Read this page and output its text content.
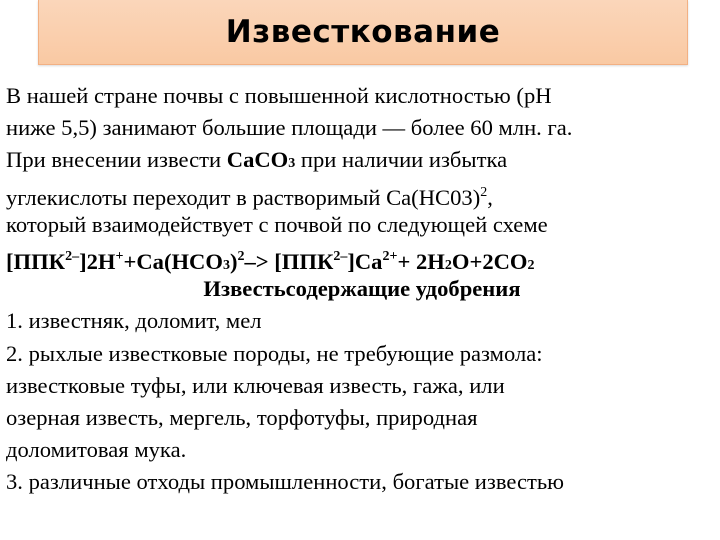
Известкование
В нашей стране почвы с повышенной кислотностью (рН
ниже 5,5) занимают большие площади — более 60 млн. га.
При внесении извести СаСО3 при наличии избытка
углекислоты переходит в растворимый $Са(НС03)^2$,
который взаимодействует с почвой по следующей схеме
$[ППК^{2-}]2Н^++Са(НСО3)^2-> [ППК^{2-}]Са^{2+}+ 2Н2О+2СО2$
Известьсодержащие удобрения
1. известняк, доломит, мел
2. рыхлые известковые породы, не требующие размола:
известковые туфы, или ключевая известь, гажа, или
озерная известь, мергель, торфотуфы, природная
доломитовая мука.
3. различные отходы промышленности, богатые известью
